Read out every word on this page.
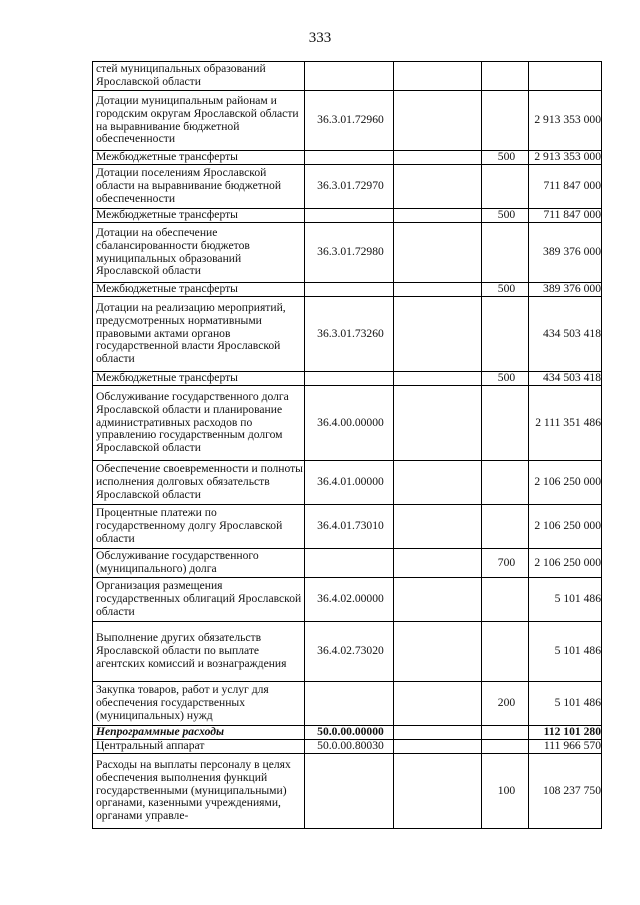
333
стей муниципальных образований Ярославской области				
Дотации муниципальным районам и городским округам Ярославской области на выравнивание бюджетной обеспеченности	36.3.01.72960			2 913 353 000
Межбюджетные трансферты			500	2 913 353 000
Дотации поселениям Ярославской области на выравнивание бюджетной обеспеченности	36.3.01.72970			711 847 000
Межбюджетные трансферты			500	711 847 000
Дотации на обеспечение сбалансированности бюджетов муниципальных образований Ярославской области	36.3.01.72980			389 376 000
Межбюджетные трансферты			500	389 376 000
Дотации на реализацию мероприятий, предусмотренных нормативными правовыми актами органов государственной власти Ярославской области	36.3.01.73260			434 503 418
Межбюджетные трансферты			500	434 503 418
Обслуживание государственного долга Ярославской области и планирование административных расходов по управлению государственным долгом Ярославской области	36.4.00.00000			2 111 351 486
Обеспечение своевременности и полноты исполнения долговых обязательств Ярославской области	36.4.01.00000			2 106 250 000
Процентные платежи по государственному долгу Ярославской области	36.4.01.73010			2 106 250 000
Обслуживание государственного (муниципального) долга			700	2 106 250 000
Организация размещения государственных облигаций Ярославской области	36.4.02.00000			5 101 486
Выполнение других обязательств Ярославской области по выплате агентских комиссий и вознаграждения	36.4.02.73020			5 101 486
Закупка товаров, работ и услуг для обеспечения государственных (муниципальных) нужд			200	5 101 486
Непрограммные расходы	50.0.00.00000			112 101 280
Центральный аппарат	50.0.00.80030			111 966 570
Расходы на выплаты персоналу в целях обеспечения выполнения функций государственными (муниципальными) органами, казенными учреждениями, органами управле-			100	108 237 750
